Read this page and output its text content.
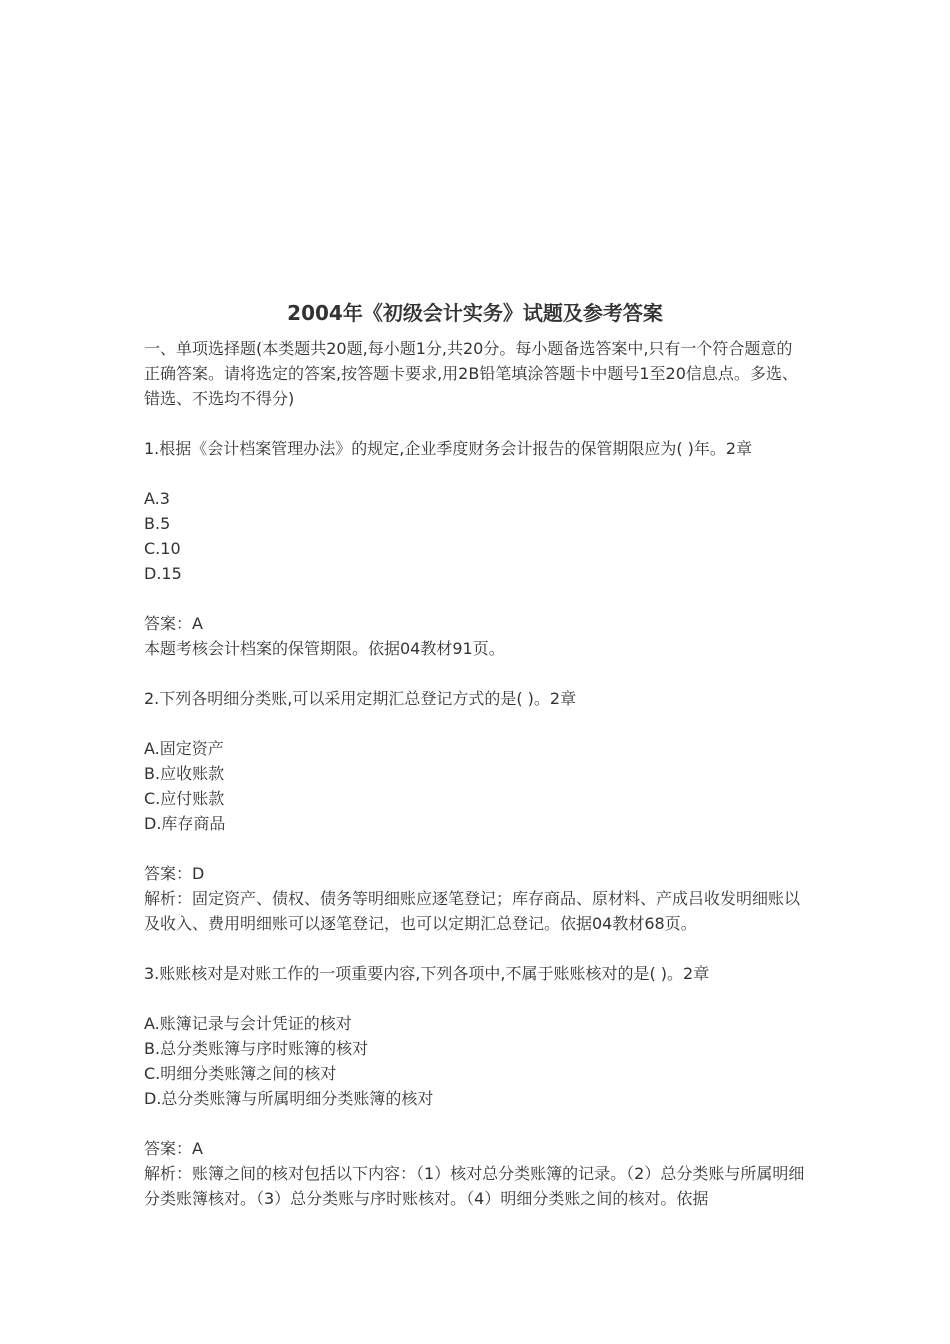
2004年《初级会计实务》试题及参考答案

一、单项选择题(本类题共20题,每小题1分,共20分。每小题备选答案中,只有一个符合题意的正确答案。请将选定的答案,按答题卡要求,用2B铅笔填涂答题卡中题号1至20信息点。多选、错选、不选均不得分)

1.根据《会计档案管理办法》的规定,企业季度财务会计报告的保管期限应为( )年。2章

A.3

B.5

C.10

D.15

答案：A

本题考核会计档案的保管期限。依据04教材91页。

2.下列各明细分类账,可以采用定期汇总登记方式的是( )。2章

A.固定资产

B.应收账款

C.应付账款

D.库存商品

答案：D

解析：固定资产、债权、债务等明细账应逐笔登记；库存商品、原材料、产成吕收发明细账以及收入、费用明细账可以逐笔登记，也可以定期汇总登记。依据04教材68页。

3.账账核对是对账工作的一项重要内容,下列各项中,不属于账账核对的是( )。2章

A.账簿记录与会计凭证的核对

B.总分类账簿与序时账簿的核对

C.明细分类账簿之间的核对

D.总分类账簿与所属明细分类账簿的核对

答案：A

解析：账簿之间的核对包括以下内容：（1）核对总分类账簿的记录。（2）总分类账与所属明细分类账簿核对。（3）总分类账与序时账核对。（4）明细分类账之间的核对。依据
